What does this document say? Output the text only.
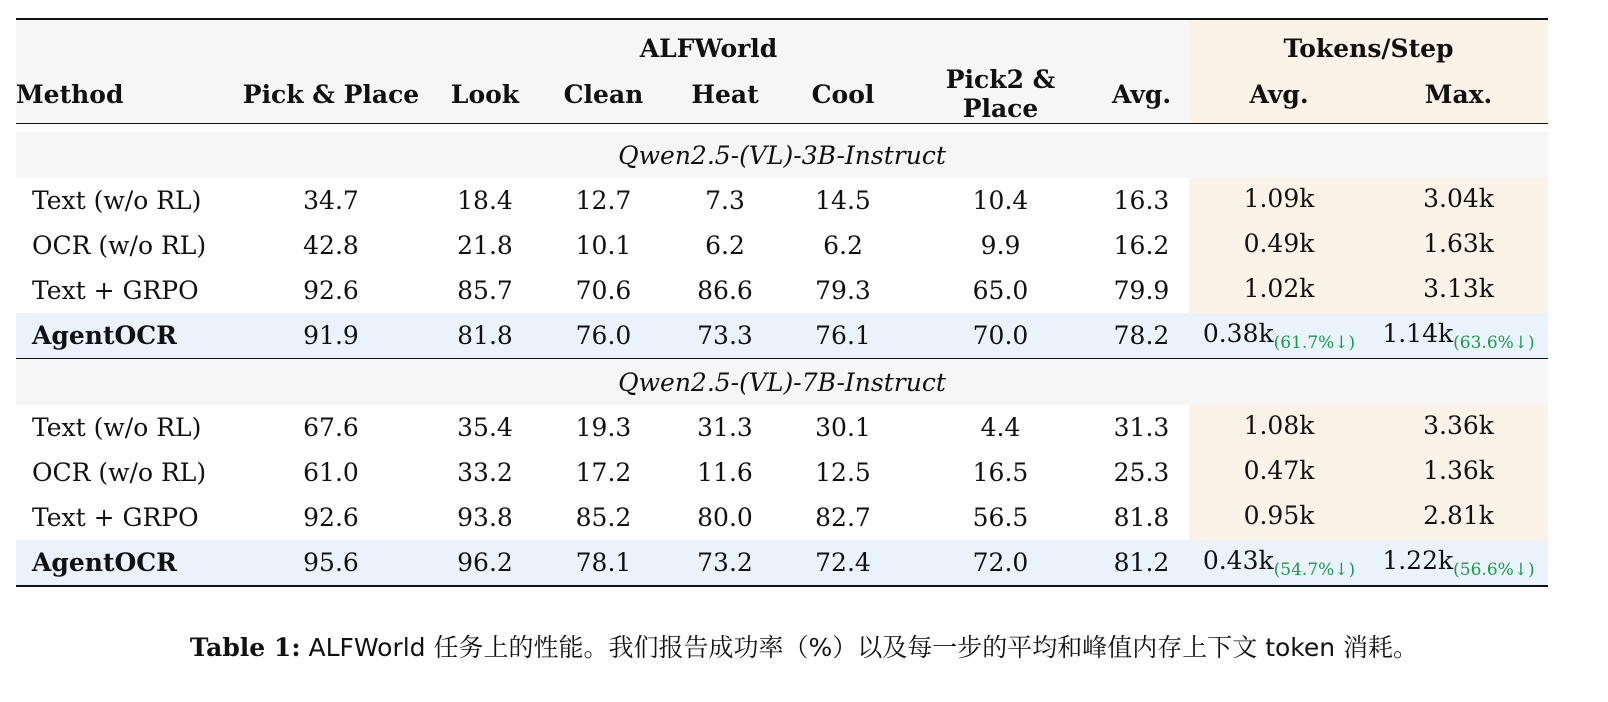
	ALFWorld							Tokens/Step	

Method	Pick & Place	Look	Clean	Heat	Cool	Pick2 & Place	Avg.	Avg.	Max.

Qwen2.5-(VL)-3B-Instruct									
Text (w/o RL)	34.7	18.4	12.7	7.3	14.5	10.4	16.3	1.09k	3.04k
OCR (w/o RL)	42.8	21.8	10.1	6.2	6.2	9.9	16.2	0.49k	1.63k
Text + GRPO	92.6	85.7	70.6	86.6	79.3	65.0	79.9	1.02k	3.13k
AgentOCR	91.9	81.8	76.0	73.3	76.1	70.0	78.2	$0.38k_{(61.7\%↓)}$	$1.14k_{(63.6\%↓)}$
Qwen2.5-(VL)-7B-Instruct									
Text (w/o RL)	67.6	35.4	19.3	31.3	30.1	4.4	31.3	1.08k	3.36k
OCR (w/o RL)	61.0	33.2	17.2	11.6	12.5	16.5	25.3	0.47k	1.36k
Text + GRPO	92.6	93.8	85.2	80.0	82.7	56.5	81.8	0.95k	2.81k
AgentOCR	95.6	96.2	78.1	73.2	72.4	72.0	81.2	$0.43k_{(54.7\%↓)}$	$1.22k_{(56.6\%↓)}$
Table 1: ALFWorld 任务上的性能。我们报告成功率（%）以及每一步的平均和峰值内存上下文 token 消耗。
